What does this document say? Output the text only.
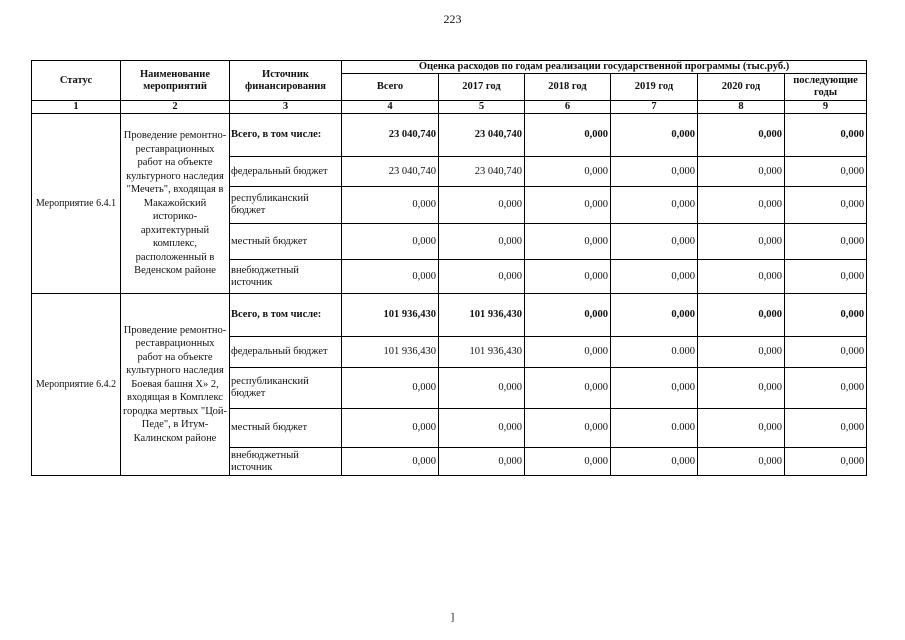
223
Статус	Наименование мероприятий	Источник финансирования	Оценка расходов по годам реализации государственной программы (тыс.руб.)					
			Всего	2017 год	2018 год	2019 год	2020 год	последующие годы
1	2	3	4	5	6	7	8	9
Мероприятие 6.4.1	Проведение ремонтно-реставрационных работ на объекте культурного наследия "Мечеть", входящая в Макажойский историко-архитектурный комплекс, расположенный в Веденском районе	Всего, в том числе:	23 040,740	23 040,740	0,000	0,000	0,000	0,000
		федеральный бюджет	23 040,740	23 040,740	0,000	0,000	0,000	0,000
		республиканский бюджет	0,000	0,000	0,000	0,000	0,000	0,000
		местный бюджет	0,000	0,000	0,000	0,000	0,000	0,000
		внебюджетный источник	0,000	0,000	0,000	0,000	0,000	0,000
Мероприятие 6.4.2	Проведение ремонтно-реставрационных работ на объекте культурного наследия Боевая башня Х» 2, входящая в Комплекс городка мертвых "Цой- Педе", в Итум-Калинском районе	Всего, в том числе:	101 936,430	101 936,430	0,000	0,000	0,000	0,000
		федеральный бюджет	101 936,430	101 936,430	0,000	0.000	0,000	0,000
		республиканский бюджет	0,000	0,000	0,000	0,000	0,000	0,000
		местный бюджет	0,000	0,000	0,000	0.000	0,000	0,000
		внебюджетный источник	0,000	0,000	0,000	0,000	0,000	0,000
]
